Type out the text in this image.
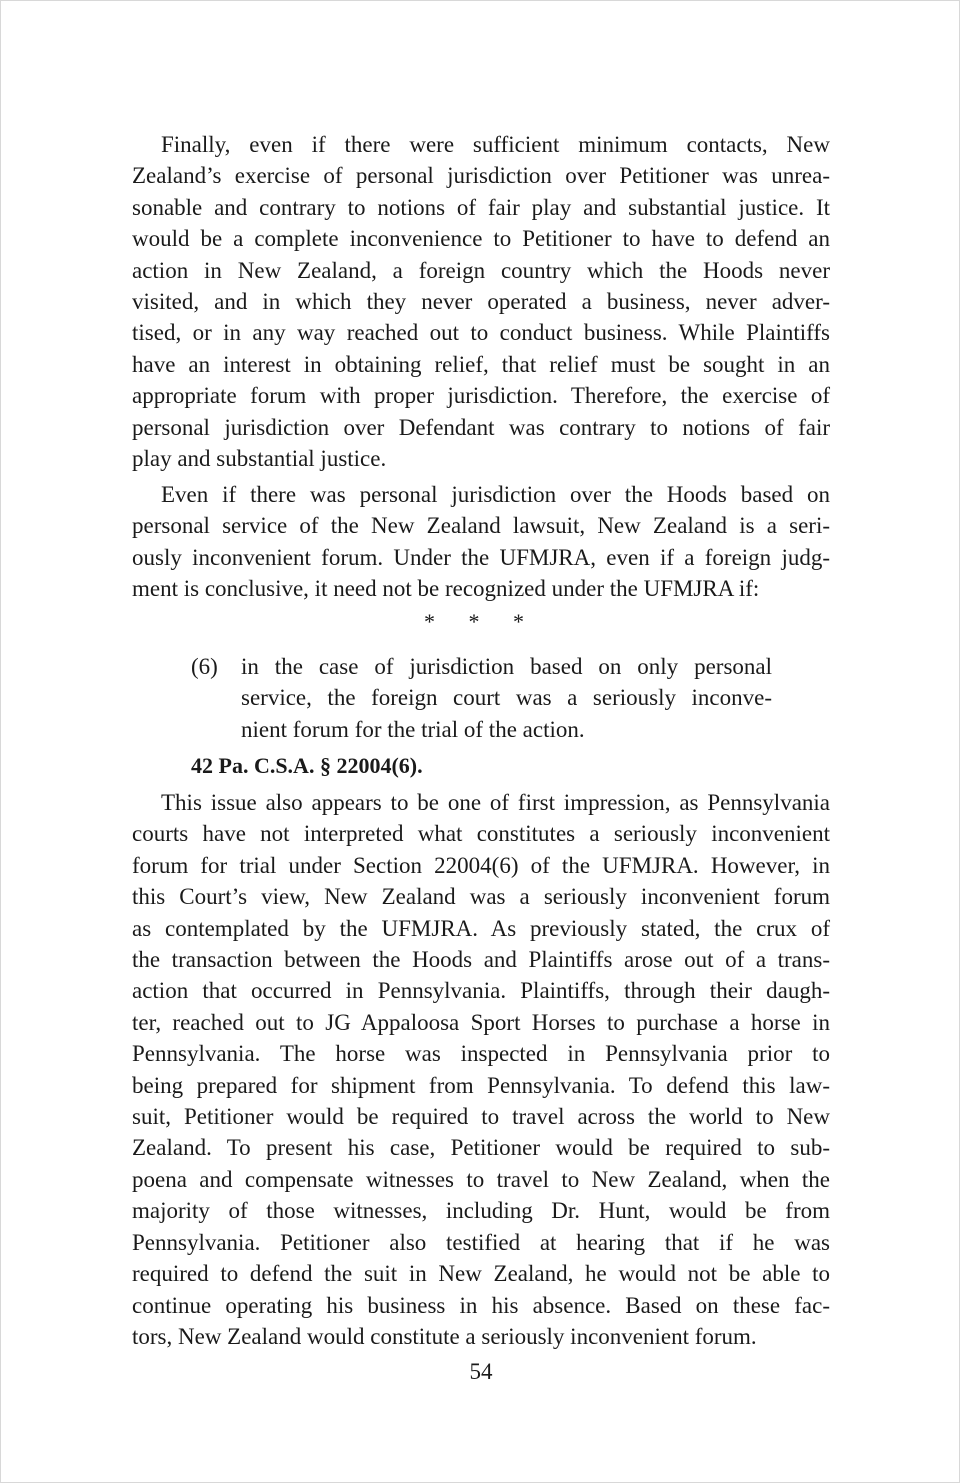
Finally, even if there were sufficient minimum contacts, New
Zealand’s exercise of personal jurisdiction over Petitioner was unrea-
sonable and contrary to notions of fair play and substantial justice. It
would be a complete inconvenience to Petitioner to have to defend an
action in New Zealand, a foreign country which the Hoods never
visited, and in which they never operated a business, never adver-
tised, or in any way reached out to conduct business. While Plaintiffs
have an interest in obtaining relief, that relief must be sought in an
appropriate forum with proper jurisdiction. Therefore, the exercise of
personal jurisdiction over Defendant was contrary to notions of fair
play and substantial justice.

Even if there was personal jurisdiction over the Hoods based on
personal service of the New Zealand lawsuit, New Zealand is a seri-
ously inconvenient forum. Under the UFMJRA, even if a foreign judg-
ment is conclusive, it need not be recognized under the UFMJRA if:

* * *
(6) in the case of jurisdiction based on only personal
service, the foreign court was a seriously inconve-
nient forum for the trial of the action.
42 Pa. C.S.A. § 22004(6).

This issue also appears to be one of first impression, as Pennsylvania
courts have not interpreted what constitutes a seriously inconvenient
forum for trial under Section 22004(6) of the UFMJRA. However, in
this Court’s view, New Zealand was a seriously inconvenient forum
as contemplated by the UFMJRA. As previously stated, the crux of
the transaction between the Hoods and Plaintiffs arose out of a trans-
action that occurred in Pennsylvania. Plaintiffs, through their daugh-
ter, reached out to JG Appaloosa Sport Horses to purchase a horse in
Pennsylvania. The horse was inspected in Pennsylvania prior to
being prepared for shipment from Pennsylvania. To defend this law-
suit, Petitioner would be required to travel across the world to New
Zealand. To present his case, Petitioner would be required to sub-
poena and compensate witnesses to travel to New Zealand, when the
majority of those witnesses, including Dr. Hunt, would be from
Pennsylvania. Petitioner also testified at hearing that if he was
required to defend the suit in New Zealand, he would not be able to
continue operating his business in his absence. Based on these fac-
tors, New Zealand would constitute a seriously inconvenient forum.

54
